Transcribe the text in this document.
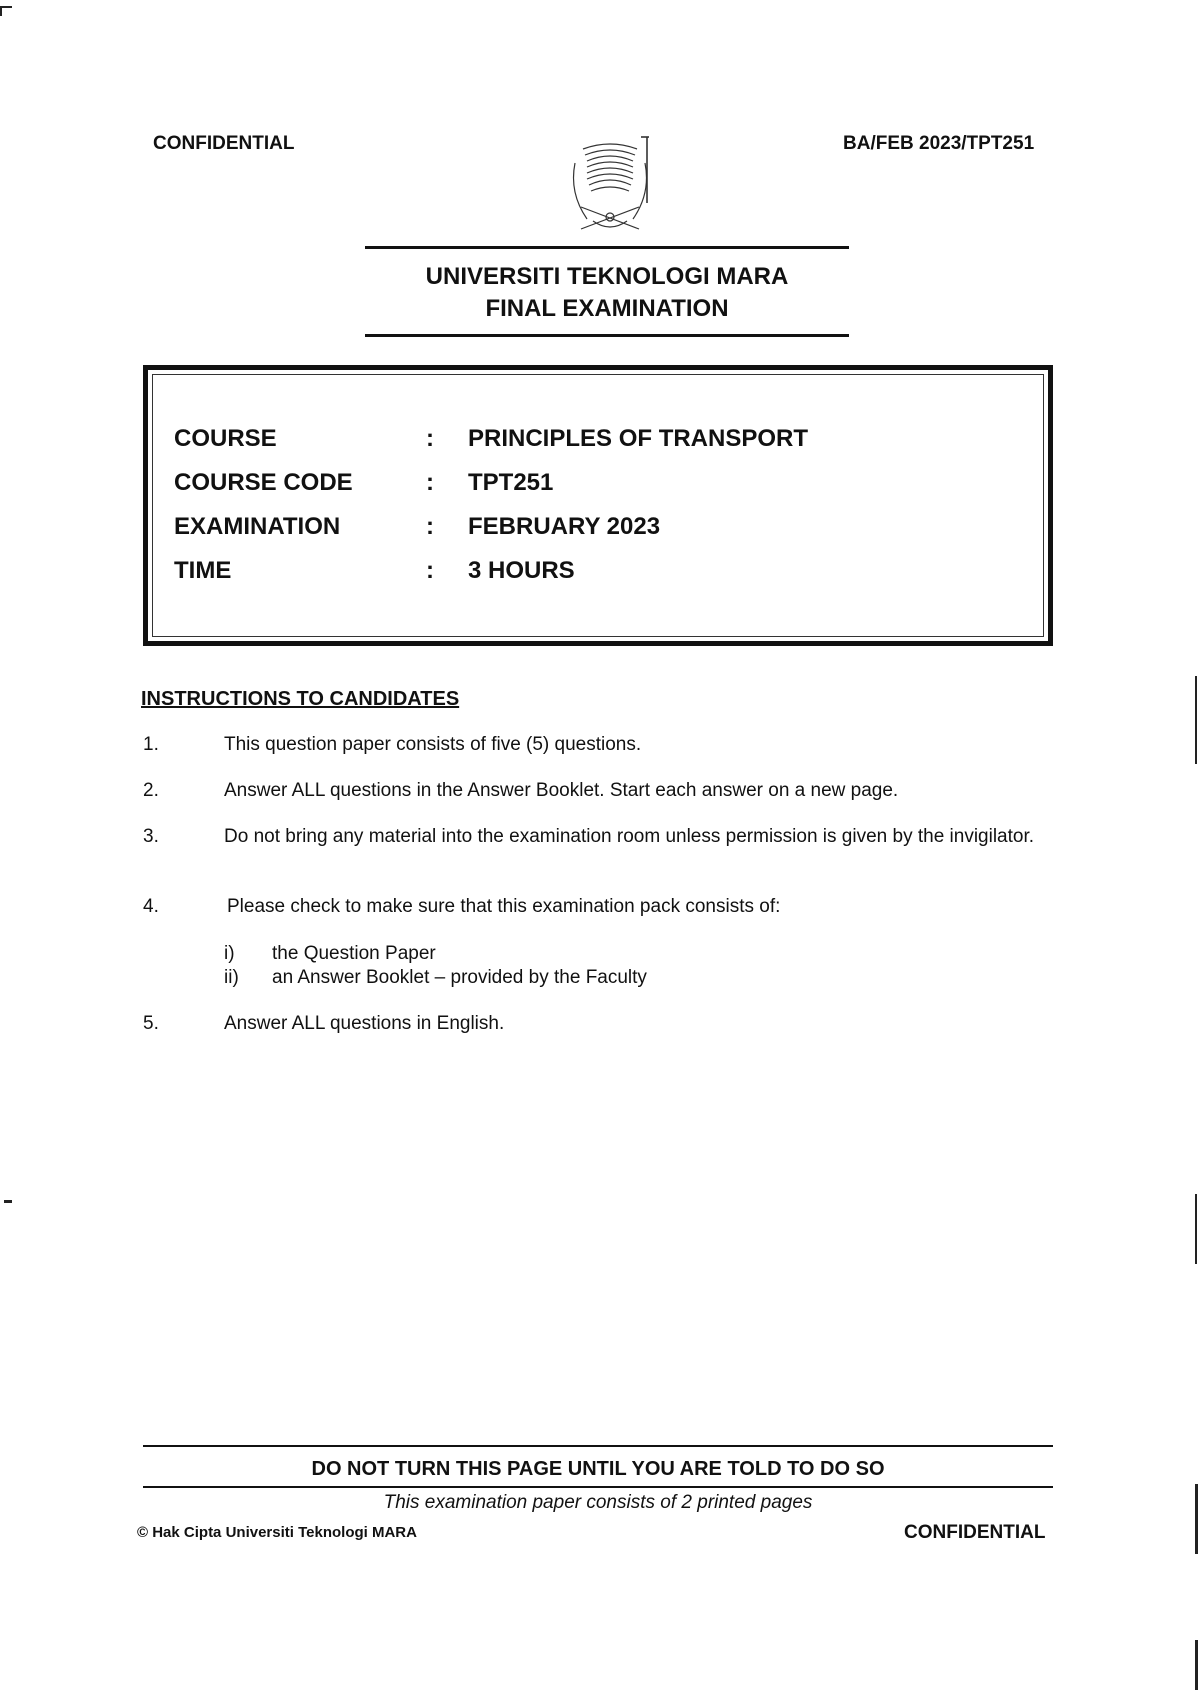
CONFIDENTIAL	BA/FEB 2023/TPT251
UNIVERSITI TEKNOLOGI MARA
FINAL EXAMINATION
COURSE	: PRINCIPLES OF TRANSPORT
COURSE CODE	: TPT251
EXAMINATION	: FEBRUARY 2023
TIME	: 3 HOURS
INSTRUCTIONS TO CANDIDATES
1.	This question paper consists of five (5) questions.
2.	Answer ALL questions in the Answer Booklet. Start each answer on a new page.
3.	Do not bring any material into the examination room unless permission is given by the invigilator.
4.	Please check to make sure that this examination pack consists of:
i) the Question Paper
ii) an Answer Booklet – provided by the Faculty
5.	Answer ALL questions in English.
DO NOT TURN THIS PAGE UNTIL YOU ARE TOLD TO DO SO
This examination paper consists of 2 printed pages
© Hak Cipta Universiti Teknologi MARA	CONFIDENTIAL
